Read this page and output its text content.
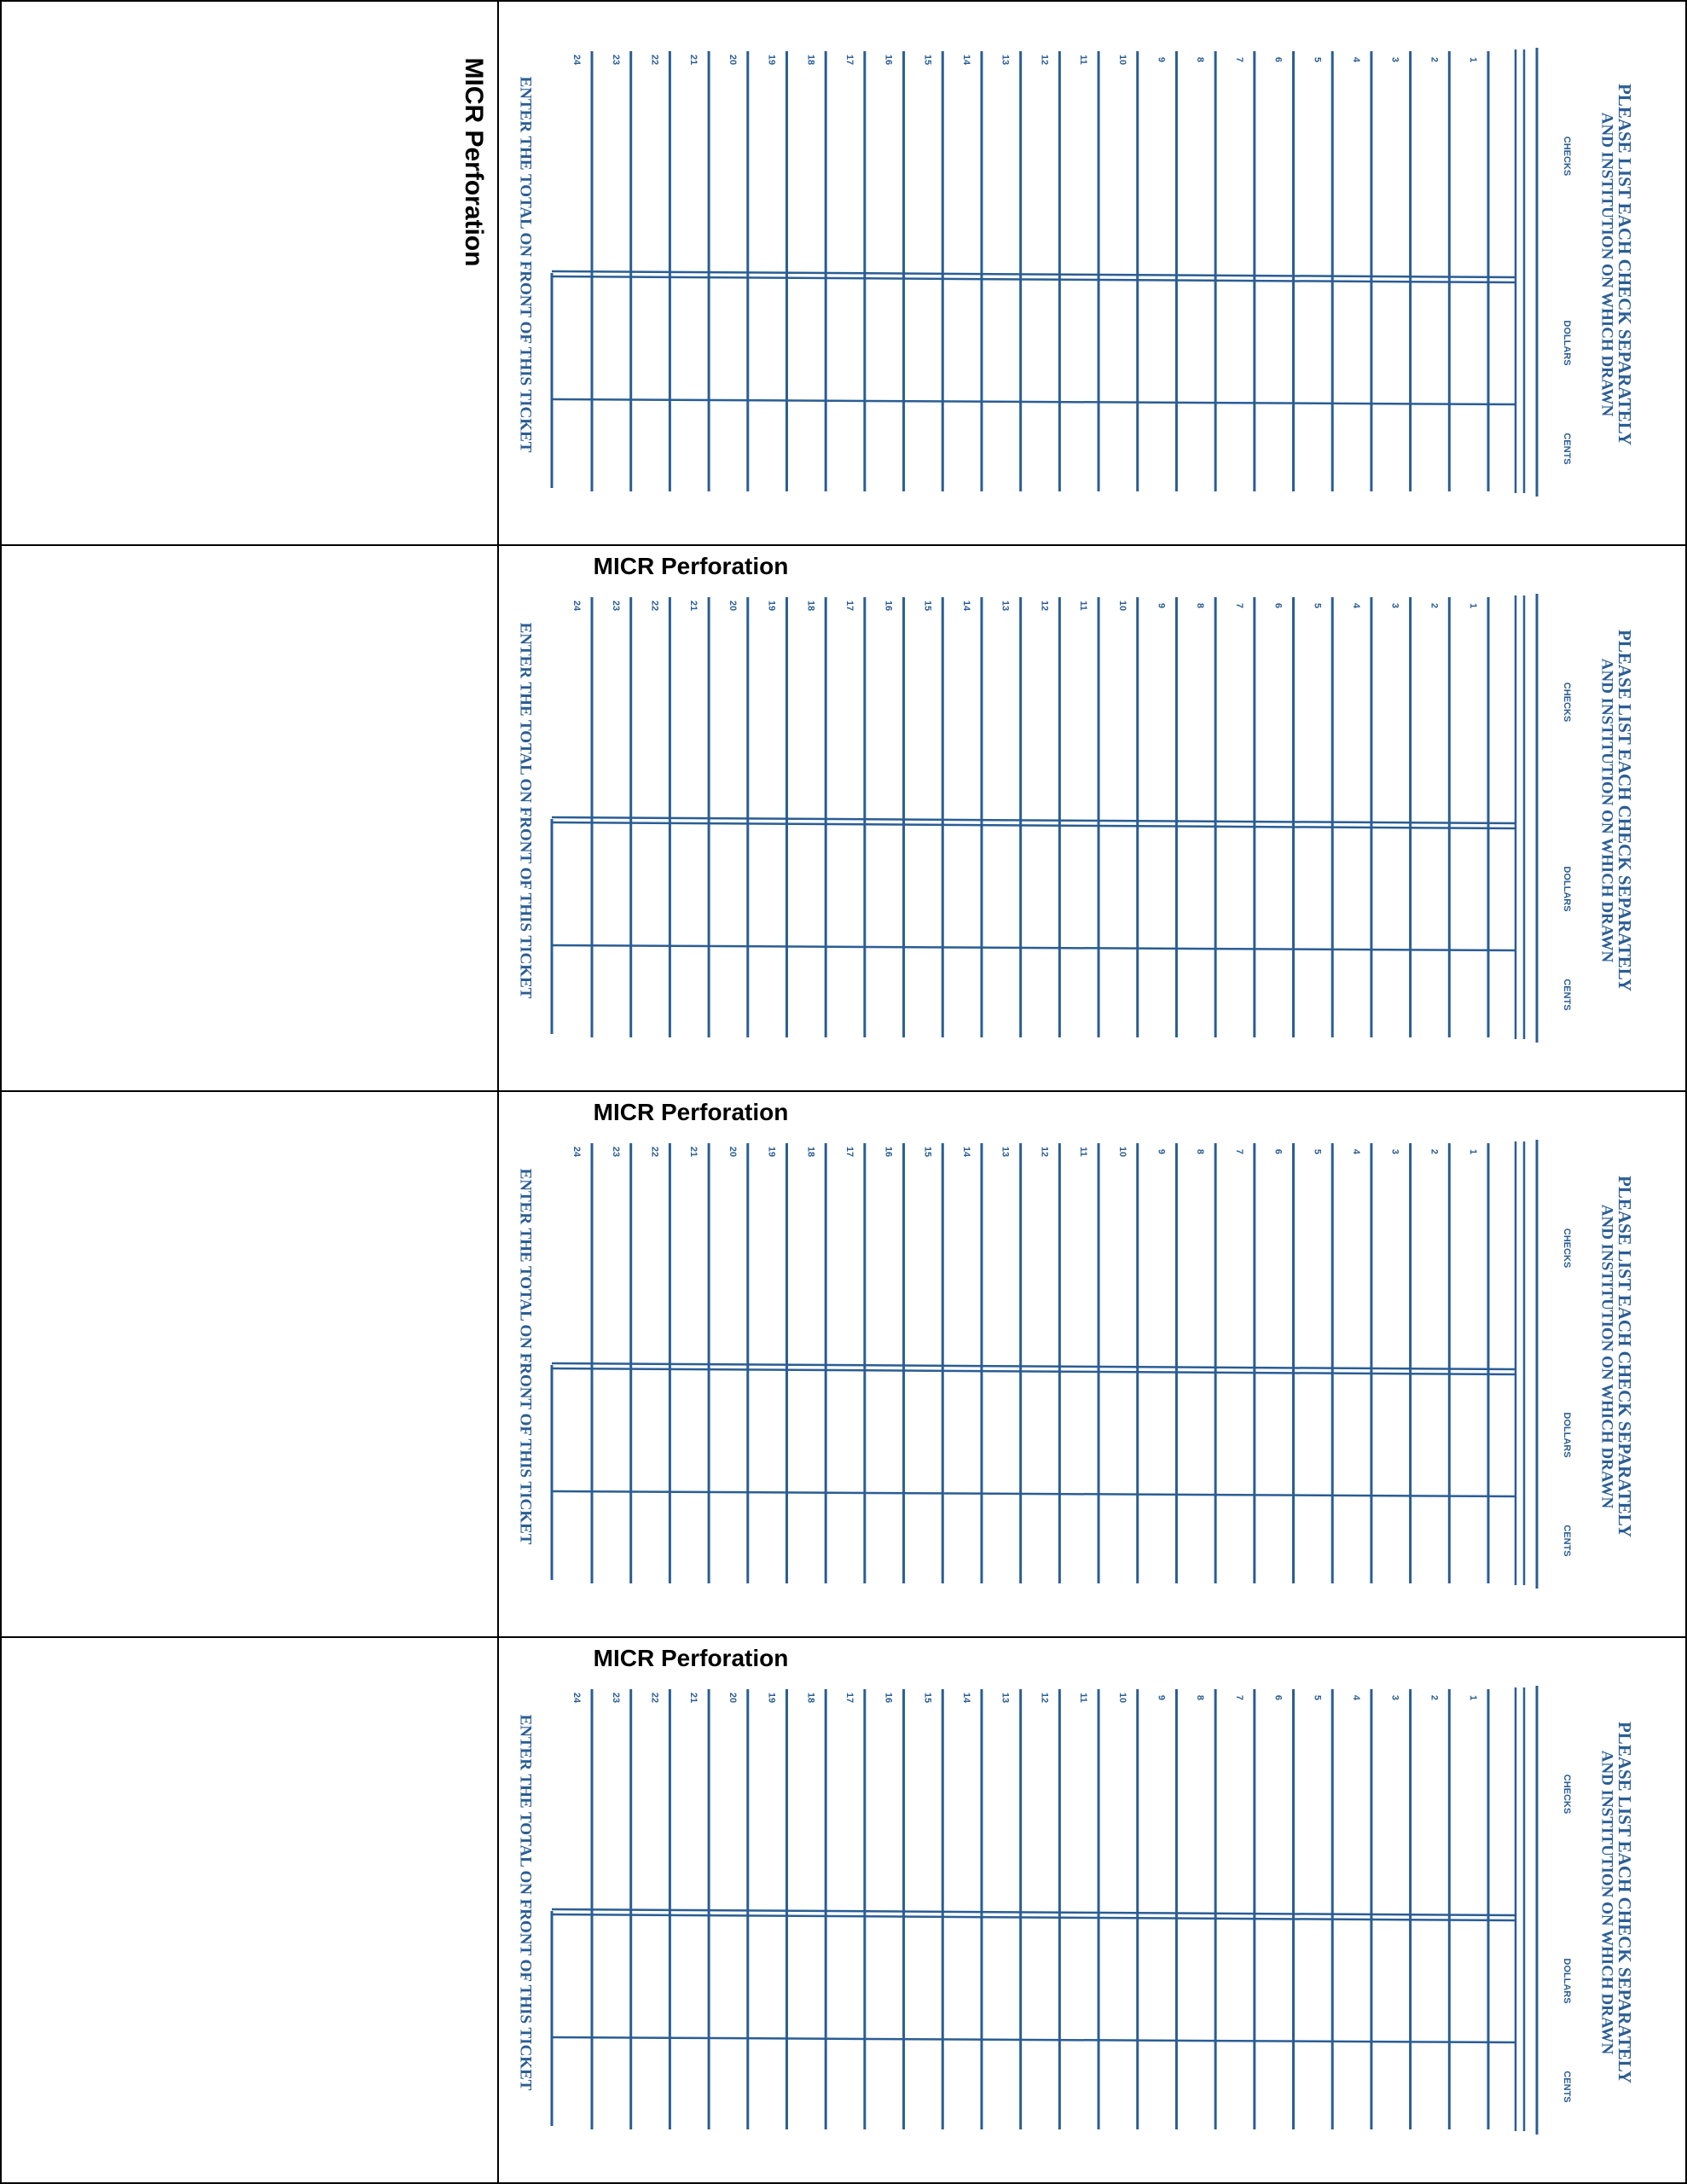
MICR Perforation	1
2
3
4
5
6
7
8
9
10
11
12
13
14
15
16
17
18
19
20
21
22
23
24
CHECKS
DOLLARS
CENTS
PLEASE LIST EACH CHECK SEPARATELY
AND INSTITUTION ON WHICH DRAWN
ENTER THE TOTAL ON FRONT OF THIS TICKET
1
2
3
4
5
6
7
8
9
10
11
12
13
14
15
16
17
18
19
20
21
22
23
24
CHECKS
DOLLARS
CENTS
PLEASE LIST EACH CHECK SEPARATELY
AND INSTITUTION ON WHICH DRAWN
ENTER THE TOTAL ON FRONT OF THIS TICKET
MICR Perforation
1
2
3
4
5
6
7
8
9
10
11
12
13
14
15
16
17
18
19
20
21
22
23
24
CHECKS
DOLLARS
CENTS
PLEASE LIST EACH CHECK SEPARATELY
AND INSTITUTION ON WHICH DRAWN
ENTER THE TOTAL ON FRONT OF THIS TICKET
MICR Perforation
1
2
3
4
5
6
7
8
9
10
11
12
13
14
15
16
17
18
19
20
21
22
23
24
CHECKS
DOLLARS
CENTS
PLEASE LIST EACH CHECK SEPARATELY
AND INSTITUTION ON WHICH DRAWN
ENTER THE TOTAL ON FRONT OF THIS TICKET
MICR Perforation
